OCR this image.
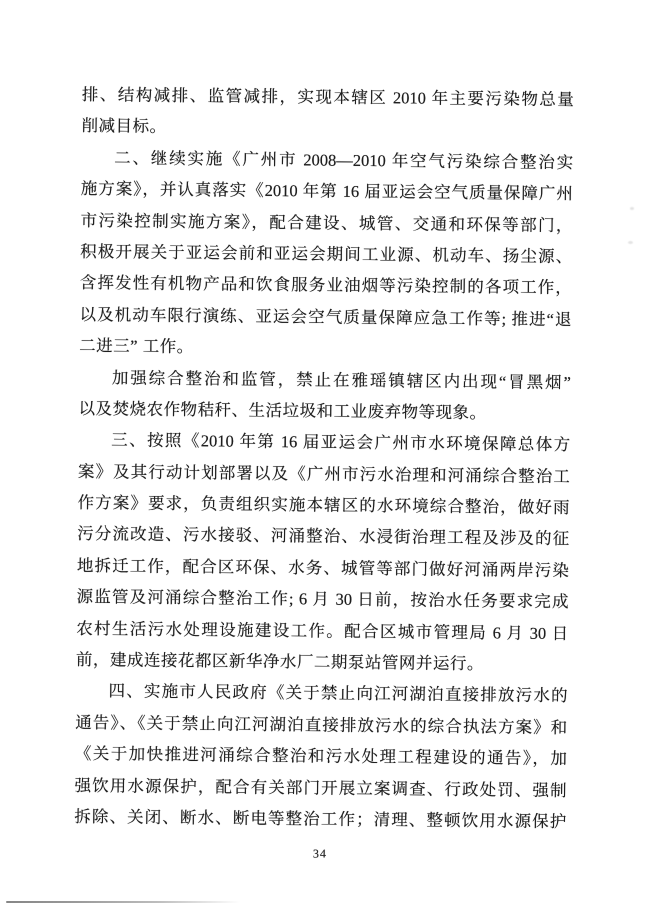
排、结构减排、监管减排，实现本辖区 2010 年主要污染物总量
削减目标。
二、继续实施《广州市 2008—2010 年空气污染综合整治实
施方案》，并认真落实《2010 年第 16 届亚运会空气质量保障广州
市污染控制实施方案》，配合建设、城管、交通和环保等部门，
积极开展关于亚运会前和亚运会期间工业源、机动车、扬尘源、
含挥发性有机物产品和饮食服务业油烟等污染控制的各项工作，
以及机动车限行演练、亚运会空气质量保障应急工作等; 推进“退
二进三” 工作。
加强综合整治和监管，禁止在雅瑶镇辖区内出现“冒黑烟”
以及焚烧农作物秸秆、生活垃圾和工业废弃物等现象。
三、按照《2010 年第 16 届亚运会广州市水环境保障总体方
案》及其行动计划部署以及《广州市污水治理和河涌综合整治工
作方案》要求，负责组织实施本辖区的水环境综合整治，做好雨
污分流改造、污水接驳、河涌整治、水浸街治理工程及涉及的征
地拆迁工作，配合区环保、水务、城管等部门做好河涌两岸污染
源监管及河涌综合整治工作; 6 月 30 日前，按治水任务要求完成
农村生活污水处理设施建设工作。配合区城市管理局 6 月 30 日
前，建成连接花都区新华净水厂二期泵站管网并运行。
四、实施市人民政府《关于禁止向江河湖泊直接排放污水的
通告》、《关于禁止向江河湖泊直接排放污水的综合执法方案》和
《关于加快推进河涌综合整治和污水处理工程建设的通告》，加
强饮用水源保护，配合有关部门开展立案调查、行政处罚、强制
拆除、关闭、断水、断电等整治工作；清理、整顿饮用水源保护
34
